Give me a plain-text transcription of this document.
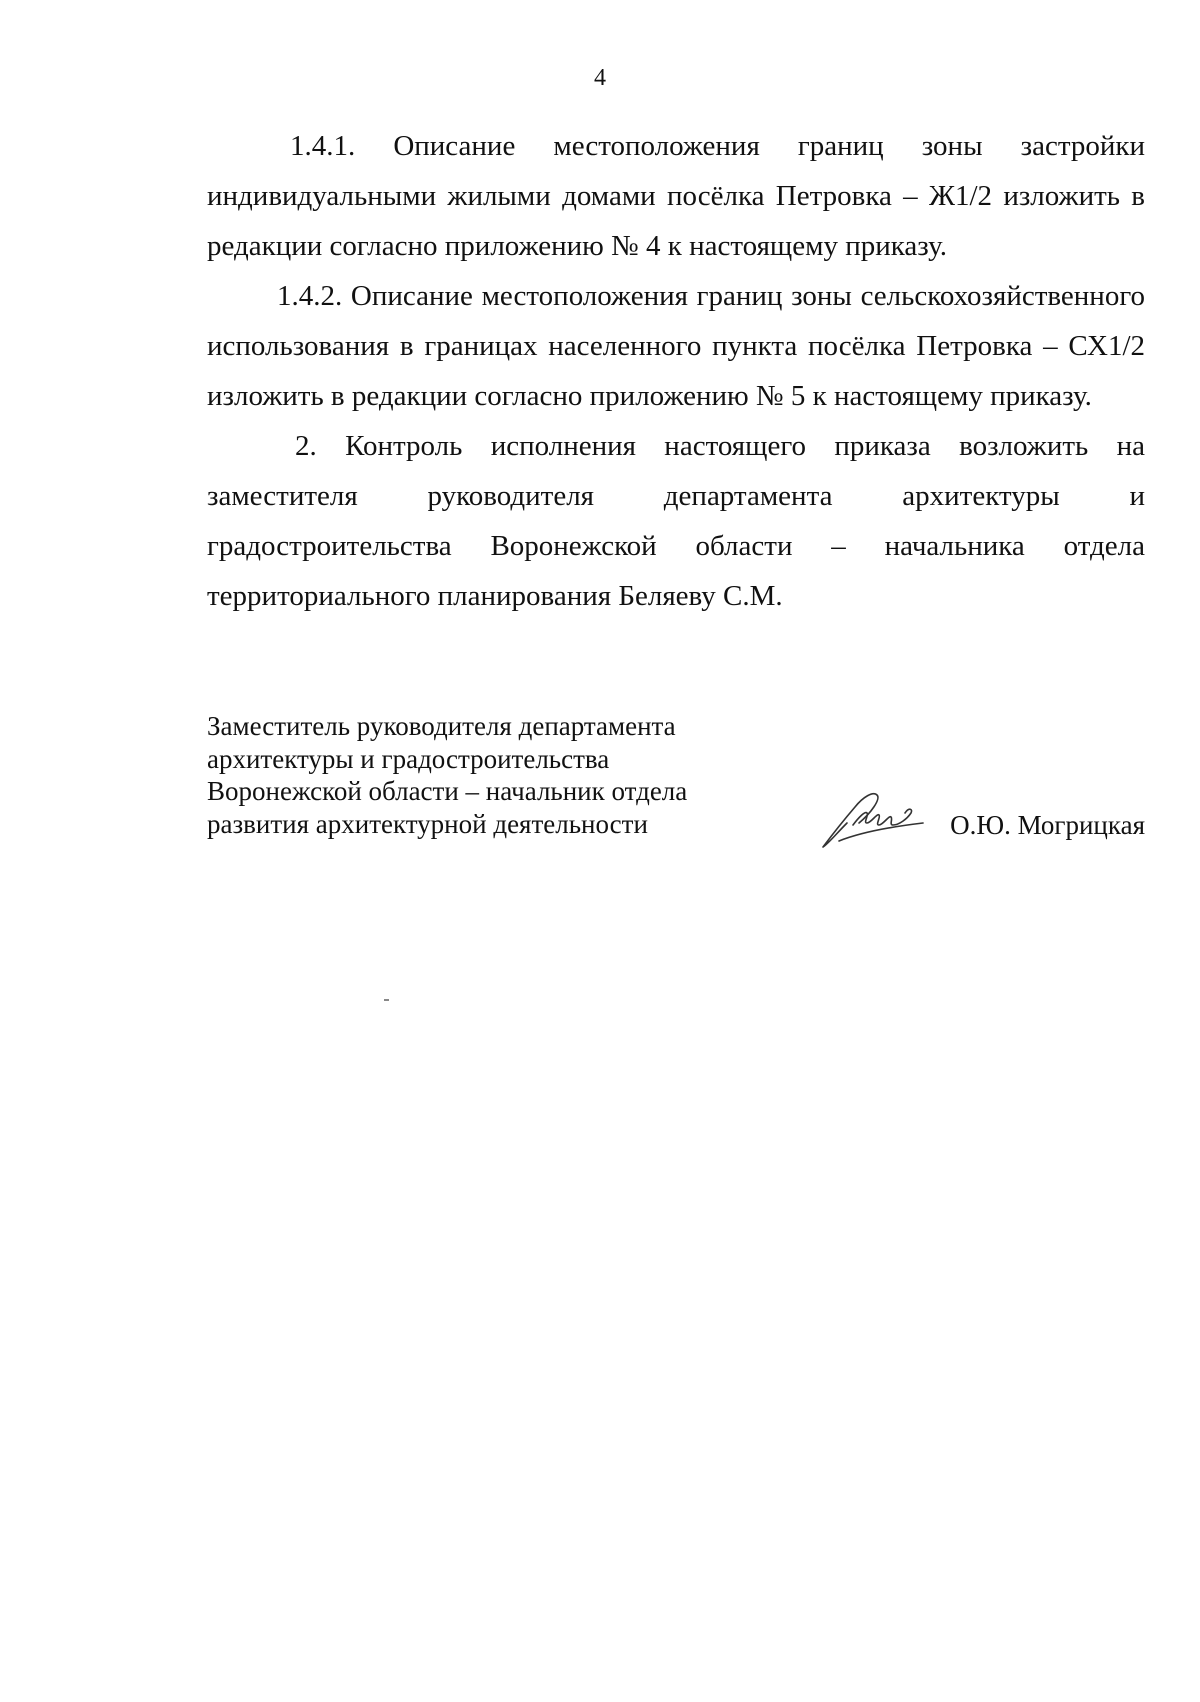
4

1.4.1. Описание местоположения границ зоны застройки индивидуальными жилыми домами посёлка Петровка – Ж1/2 изложить в редакции согласно приложению № 4 к настоящему приказу.

1.4.2. Описание местоположения границ зоны сельскохозяйственного использования в границах населенного пункта посёлка Петровка – СХ1/2 изложить в редакции согласно приложению № 5 к настоящему приказу.

2. Контроль исполнения настоящего приказа возложить на заместителя руководителя департамента архитектуры и градостроительства Воронежской области – начальника отдела территориального планирования Беляеву С.М.

Заместитель руководителя департамента
архитектуры и градостроительства
Воронежской области – начальник отдела
развития архитектурной деятельности	О.Ю. Могрицкая
